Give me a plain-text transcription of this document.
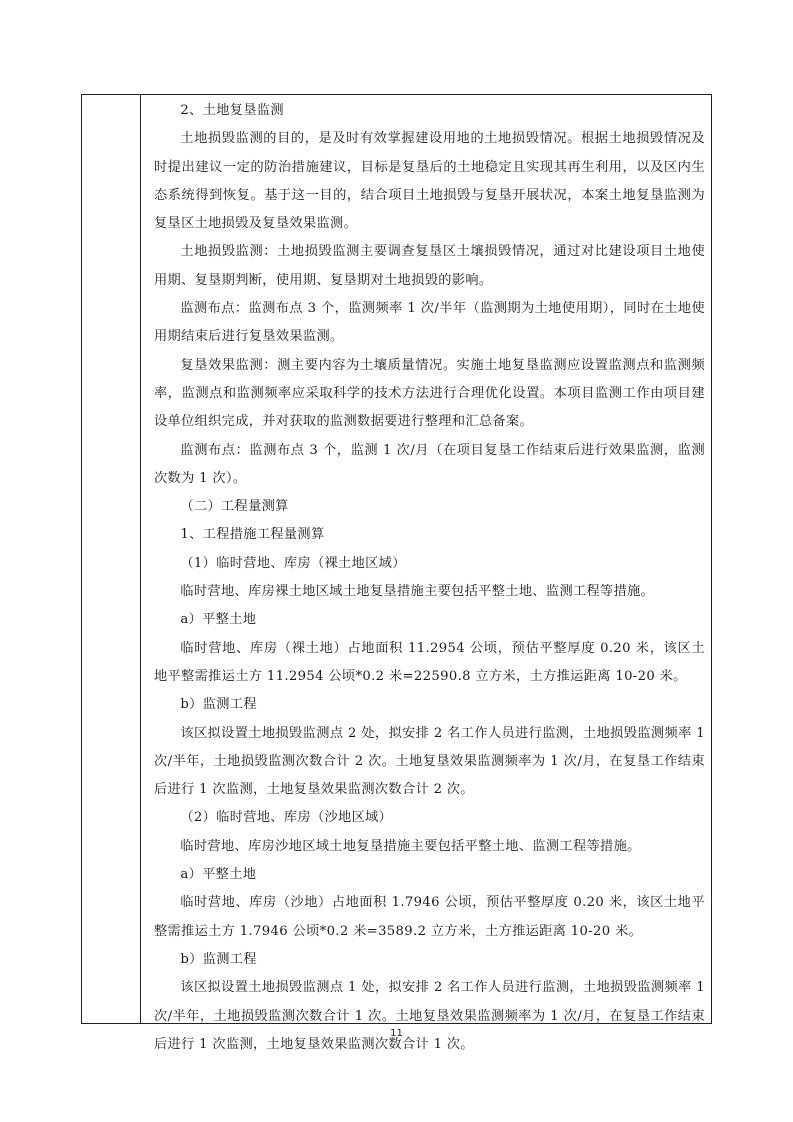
2、土地复垦监测

土地损毁监测的目的，是及时有效掌握建设用地的土地损毁情况。根据土地损毁情况及时提出建议一定的防治措施建议，目标是复垦后的土地稳定且实现其再生利用，以及区内生态系统得到恢复。基于这一目的，结合项目土地损毁与复垦开展状况，本案土地复垦监测为复垦区土地损毁及复垦效果监测。

土地损毁监测：土地损毁监测主要调查复垦区土壤损毁情况，通过对比建设项目土地使用期、复垦期判断，使用期、复垦期对土地损毁的影响。

监测布点：监测布点 3 个，监测频率 1 次/半年（监测期为土地使用期），同时在土地使用期结束后进行复垦效果监测。

复垦效果监测：测主要内容为土壤质量情况。实施土地复垦监测应设置监测点和监测频率，监测点和监测频率应采取科学的技术方法进行合理优化设置。本项目监测工作由项目建设单位组织完成，并对获取的监测数据要进行整理和汇总备案。

监测布点：监测布点 3 个，监测 1 次/月（在项目复垦工作结束后进行效果监测，监测次数为 1 次）。

（二）工程量测算

1、工程措施工程量测算

（1）临时营地、库房（裸土地区域）

临时营地、库房裸土地区域土地复垦措施主要包括平整土地、监测工程等措施。

a）平整土地

临时营地、库房（裸土地）占地面积 11.2954 公顷，预估平整厚度 0.20 米，该区土地平整需推运土方 11.2954 公顷*0.2 米=22590.8 立方米，土方推运距离 10-20 米。

b）监测工程

该区拟设置土地损毁监测点 2 处，拟安排 2 名工作人员进行监测，土地损毁监测频率 1 次/半年，土地损毁监测次数合计 2 次。土地复垦效果监测频率为 1 次/月，在复垦工作结束后进行 1 次监测，土地复垦效果监测次数合计 2 次。

（2）临时营地、库房（沙地区域）

临时营地、库房沙地区域土地复垦措施主要包括平整土地、监测工程等措施。

a）平整土地

临时营地、库房（沙地）占地面积 1.7946 公顷，预估平整厚度 0.20 米，该区土地平整需推运土方 1.7946 公顷*0.2 米=3589.2 立方米，土方推运距离 10-20 米。

b）监测工程

该区拟设置土地损毁监测点 1 处，拟安排 2 名工作人员进行监测，土地损毁监测频率 1 次/半年，土地损毁监测次数合计 1 次。土地复垦效果监测频率为 1 次/月，在复垦工作结束后进行 1 次监测，土地复垦效果监测次数合计 1 次。

11
